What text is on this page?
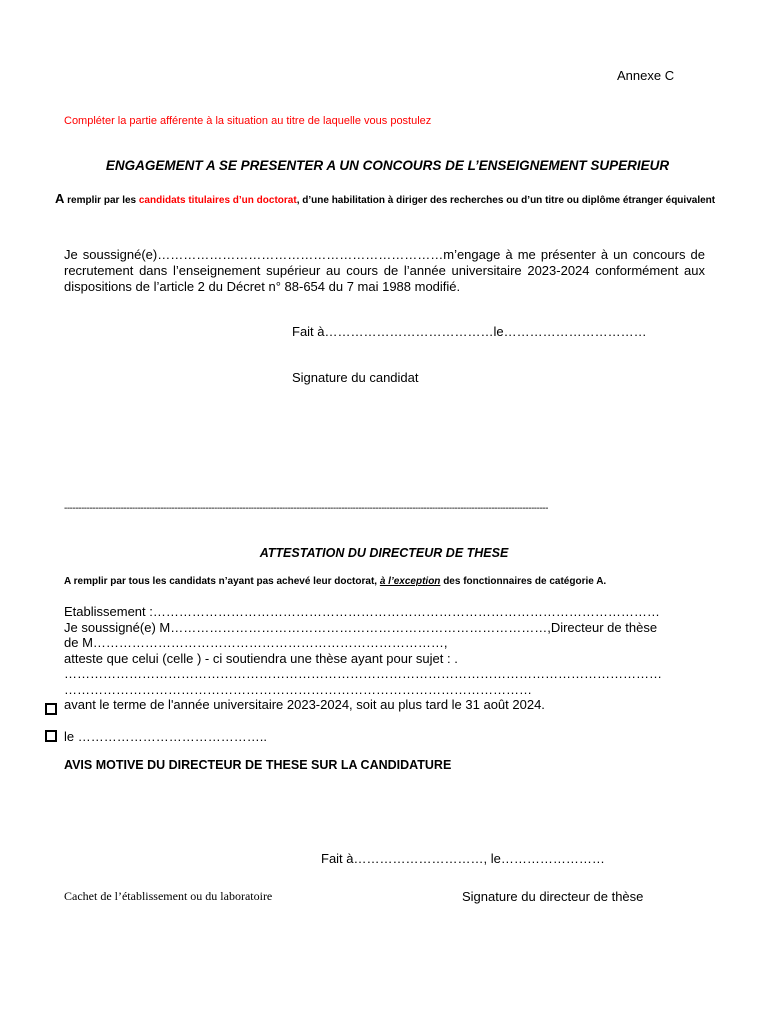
Annexe C
Compléter la partie afférente à la situation au titre de laquelle vous postulez
ENGAGEMENT A SE PRESENTER A UN CONCOURS DE L’ENSEIGNEMENT SUPERIEUR
A remplir par les candidats titulaires d’un doctorat, d’une habilitation à diriger des recherches ou d’un titre ou diplôme étranger équivalent

Je soussigné(e)…………………………………………………………m’engage à me présenter à un concours de recrutement dans l’enseignement supérieur au cours de l’année universitaire 2023-2024 conformément aux dispositions de l’article 2 du Décret n° 88-654 du 7 mai 1988 modifié.

Fait à…………………………………le……………………………
Signature du candidat
---------------------------------------------------------------------------------------------------------------------------------------------------------------------------
ATTESTATION DU DIRECTEUR DE THESE
A remplir par tous les candidats n’ayant pas achevé leur doctorat, à l’exception des fonctionnaires de catégorie A.
Etablissement :………………………………………………………………………………………………………
Je soussigné(e) M……………………………………………………………………………,Directeur de thèse
de M………………………………………………………………………,
atteste que celui (celle ) - ci soutiendra une thèse ayant pour sujet : .
…………………………………………………………………………………………………………………………
………………………………………………………………………………………………
avant le terme de l'année universitaire 2023-2024, soit au plus tard le 31 août 2024.
le ……………………………………..
AVIS MOTIVE DU DIRECTEUR DE THESE SUR LA CANDIDATURE
Fait à…………………………, le……………………
Cachet de l’établissement ou du laboratoire	Signature du directeur de thèse
